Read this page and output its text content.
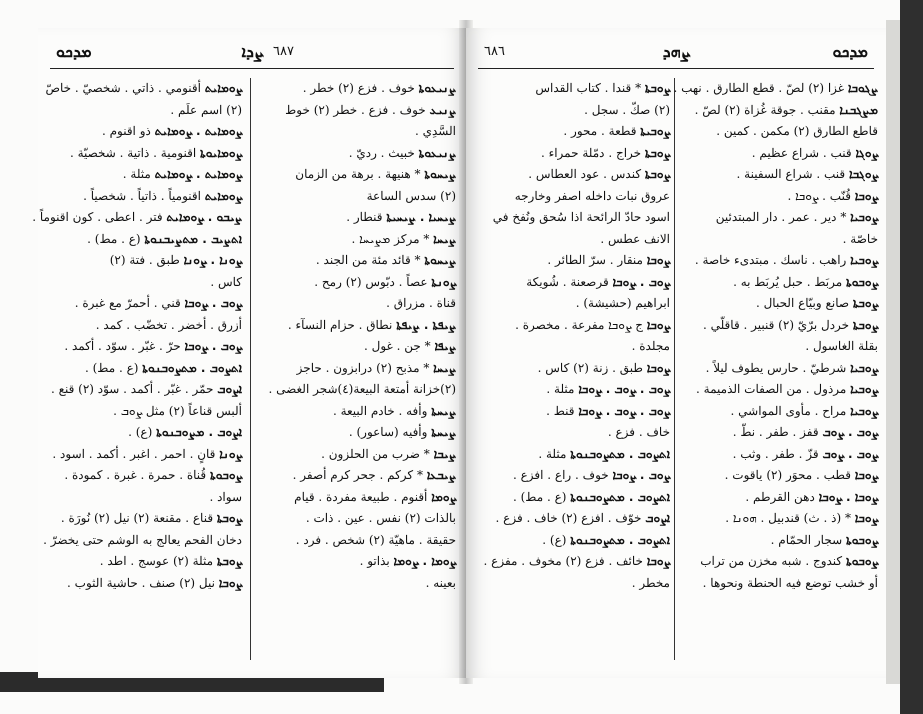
ܡܕܟܘ	ܨܕܐ ٦٨٧
ܨܢܝܥܘܬܐ خوف . فزع (٢) خطر .
ܨܢܝܥ خوف . فزع . خطر (٢) خوط
السَّدِي .
ܨܢܝܥܘܬܐ خبيث . رديّ .
ܨܝܚܘܬܐ * هنيهة . برهة من الزمان
(٢) سدس الساعة
ܨܝܚܝܐ . ܨܝܚܝܬܐ قنطار .
ܨܝܚܐ * مركز ܡܨܝܚܐ .
ܨܝܚܘܬܐ * قائد مئة من الجند .
ܨܘܢܬܐ عصاً . دبّوس (٢) رمح .
قناة . مزراق .
ܨܝܦܬܐ . ܨܝܦܬܐ نطاق . حزام النسآء .
ܨܝܦܐ * جن . غول .
ܨܝܚܐ * مذبح (٢) درابزون . حاجز
(٢)خزانة أمتعة البيعة(٤)شجر الغضى .
ܨܝܚܬܐ وأفه . خادم البيعة .
ܨܝܚܬܐ وأفيه (ساعور) .
ܨܝܒܐ * ضرب من الحلزون .
ܨܝܒܥܐ * كركم . جحر كرم أصفر .
ܨܘܡܐ أقنوم . طبيعة مفردة . قيام
بالذات (٢) نفس . عين . ذات .
حقيقة . ماهيّة (٢) شخص . فرد .
ܨܘܡܐ . ܨܘܡܐ بذاتو .
بعينه .
ܨܘܡܐܝܬ أقنومي . ذاتي . شخصيّ . خاصّ
(٢) اسم علَم .
ܨܘܡܐܝܬ . ܨܘܡܐܝܬ ذو اقنوم .
ܨܘܡܐܝܘܬܐ اقنومية . ذاتية . شخصيّة .
ܨܘܡܐܝܬ . ܨܘܡܐܝܬ مثلة .
ܨܘܡܐܝܬ اقنومياً . ذاتياً . شخصياً .
ܨܝܒܘ . ܨܘܡܐܝܬ فتر . اعطى . كون اقنوماً .
ܐܬܨܝܒ . ܡܬܨܝܒܢܘܬܐ (ع . مط) .
ܨܘܢܐ . ܨܘܢܐ طبق . فتة (٢)
كاس .
ܨܘܒ . ܨܘܒܐ قني . أحمرّ مع غبرة .
أزرق . أخضر . تخضّب . كمد .
ܨܘܒ . ܨܘܒܐ حرّ . غبّر . سوّد . أكمد .
ܐܬܨܘܒ . ܡܬܨܘܒܢܘܬܐ (ع . مط) .
ܐܨܘܒ حمّر . غبّر . أكمد . سوّد (٢) قنع .
ألبس قناعاً (٢) مثل ܨܘܒ .
ܐܨܘܒ . ܡܨܘܒܢܘܬܐ (ع) .
ܨܘܢܐ قانٍ . احمر . اغبر . أكمد . اسود .
ܨܘܒܘܬܐ قُناة . حمرة . غبرة . كمودة .
سواد .
ܨܘܒܬܐ قناع . مقنعة (٢) نيل (٢) نُورَة .
دخان الفحم يعالج به الوشم حتى يخضرّ .
ܨܘܒܬܐ مثلة (٢) عوسج . اطد .
ܨܘܒܐ نيل (٢) صنف . حاشية الثوب .
ܡܕܟܘ
ܨܗܕ
٦٨٦
ܨܓܘܒܐ غزا (٢) لصّ . قطع الطارق . نهب .
ܡܨܓܒܢܐ مقنب . جوقة غُزاة (٢) لصّ .
قاطع الطارق (٢) مكمن . كمين .
ܨܘܓܐ قنب . شراع عظيم .
ܨܘܓܒܐ قنب . شراع السفينة .
ܨܘܒܐ قُنّب . ܨܘܒܐ .
ܨܘܒܝܐ * دير . عمر . دار المبتدئين
خاصّة .
ܨܘܒܝܐ راهب . ناسك . مبتدىء خاصة .
ܨܘܒܘܬܐ مربَط . حبل يُربَط به .
ܨܘܒܬܐ صانع وبيّاع الحبال .
ܨܘܒܬܐ خردل برّيّ (٢) قنبير . قاقلّي .
بقلة الغاسول .
ܨܘܒܝܐ شرطيّ . حارس يطوف ليلاً .
ܨܘܒܝܐ مرذول . من الصفات الذميمة .
ܨܘܒܝܐ مراح . مأوى المواشي .
ܨܘܒ . ܨܘܒ قفز . طفر . نطّ .
ܨܘܒ . ܨܘܒ قزّ . طفر . وثب .
ܨܘܒܐ قطب . محوَر (٢) ياقوت .
ܨܘܒܐ . ܨܘܒܐ دهن القرطم .
ܨܘܒܐ * (ذ . ث) قندبيل . ܗܘܢܐ .
ܨܘܒܘܬܐ سجار الحمّام .
ܨܘܒܘܬܐ كندوج . شبه مخزن من تراب
أو خشب توضع فيه الحنطة ونحوها .
ܨܘܒܬܐ * قندا . كتاب القداس
(٢) صكّ . سجل .
ܨܘܒܝܬܐ قطعة . محور .
ܨܘܒܬܐ خراج . دمّلة حمراء .
ܨܘܒܬܐ كندس . عود العطاس .
عروق نبات داخله اصفر وخارجه
اسود حادّ الرائحة اذا سُحق ونُفخ في
الانف عطس .
ܨܘܒܐ منقار . سرّ الطائر .
ܨܘܒ . ܨܘܒܐ قرصعنة . شُويكة
ابراهيم (حشيشة) .
ܨܘܒܐ ج ܨܘܒܐ مفرعة . مخصرة .
مجلدة .
ܨܘܒܐ طبق . زنة (٢) كاس .
ܨܘܒ . ܨܘܒ . ܨܘܒܐ مثلة .
ܨܘܒ . ܨܘܒ . ܨܘܒܐ قنط .
خاف . فزع .
ܐܬܨܘܒ . ܡܬܨܘܒܢܘܬܐ مثلة .
ܨܘܒ . ܨܘܒܐ خوف . راع . افزع .
ܐܬܨܘܒ . ܡܬܨܘܒܢܘܬܐ (ع . مط) .
ܐܨܘܒ خوّف . افزع (٢) خاف . فزع .
ܐܬܨܘܒ . ܡܬܨܘܒܢܘܬܐ (ع) .
ܨܘܒܐ خائف . فزع (٢) مخوف . مفزع .
مخطر .
